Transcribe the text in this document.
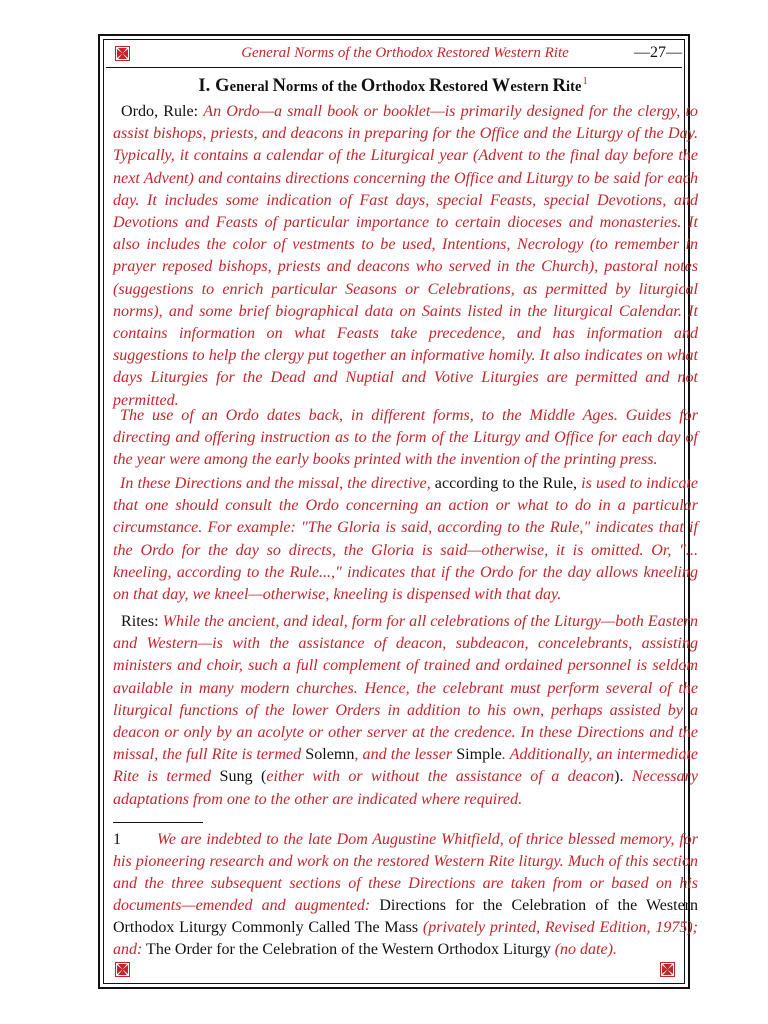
General Norms of the Orthodox Restored Western Rite	—27—
I. General Norms of the Orthodox Restored Western Rite$^1$
Ordo, Rule: An Ordo—a small book or booklet—is primarily designed for the clergy, to assist bishops, priests, and deacons in preparing for the Office and the Liturgy of the Day. Typically, it contains a calendar of the Liturgical year (Advent to the final day before the next Advent) and contains directions concerning the Office and Liturgy to be said for each day. It includes some indication of Fast days, special Feasts, special Devotions, and Devotions and Feasts of particular importance to certain dioceses and monasteries. It also includes the color of vestments to be used, Intentions, Necrology (to remember in prayer reposed bishops, priests and deacons who served in the Church), pastoral notes (suggestions to enrich particular Seasons or Celebrations, as permitted by liturgical norms), and some brief biographical data on Saints listed in the liturgical Calendar. It contains information on what Feasts take precedence, and has information and suggestions to help the clergy put together an informative homily. It also indicates on what days Liturgies for the Dead and Nuptial and Votive Liturgies are permitted and not permitted.
The use of an Ordo dates back, in different forms, to the Middle Ages. Guides for directing and offering instruction as to the form of the Liturgy and Office for each day of the year were among the early books printed with the invention of the printing press.
In these Directions and the missal, the directive, according to the Rule, is used to indicate that one should consult the Ordo concerning an action or what to do in a particular circumstance. For example: "The Gloria is said, according to the Rule," indicates that if the Ordo for the day so directs, the Gloria is said—otherwise, it is omitted. Or, "... kneeling, according to the Rule...," indicates that if the Ordo for the day allows kneeling on that day, we kneel—otherwise, kneeling is dispensed with that day.
Rites: While the ancient, and ideal, form for all celebrations of the Liturgy—both Eastern and Western—is with the assistance of deacon, subdeacon, concelebrants, assisting ministers and choir, such a full complement of trained and ordained personnel is seldom available in many modern churches. Hence, the celebrant must perform several of the liturgical functions of the lower Orders in addition to his own, perhaps assisted by a deacon or only by an acolyte or other server at the credence. In these Directions and the missal, the full Rite is termed Solemn, and the lesser Simple. Additionally, an intermediate Rite is termed Sung (either with or without the assistance of a deacon). Necessary adaptations from one to the other are indicated where required.
1 We are indebted to the late Dom Augustine Whitfield, of thrice blessed memory, for his pioneering research and work on the restored Western Rite liturgy. Much of this section and the three subsequent sections of these Directions are taken from or based on his documents—emended and augmented: Directions for the Celebration of the Western Orthodox Liturgy Commonly Called The Mass (privately printed, Revised Edition, 1975); and: The Order for the Celebration of the Western Orthodox Liturgy (no date).
